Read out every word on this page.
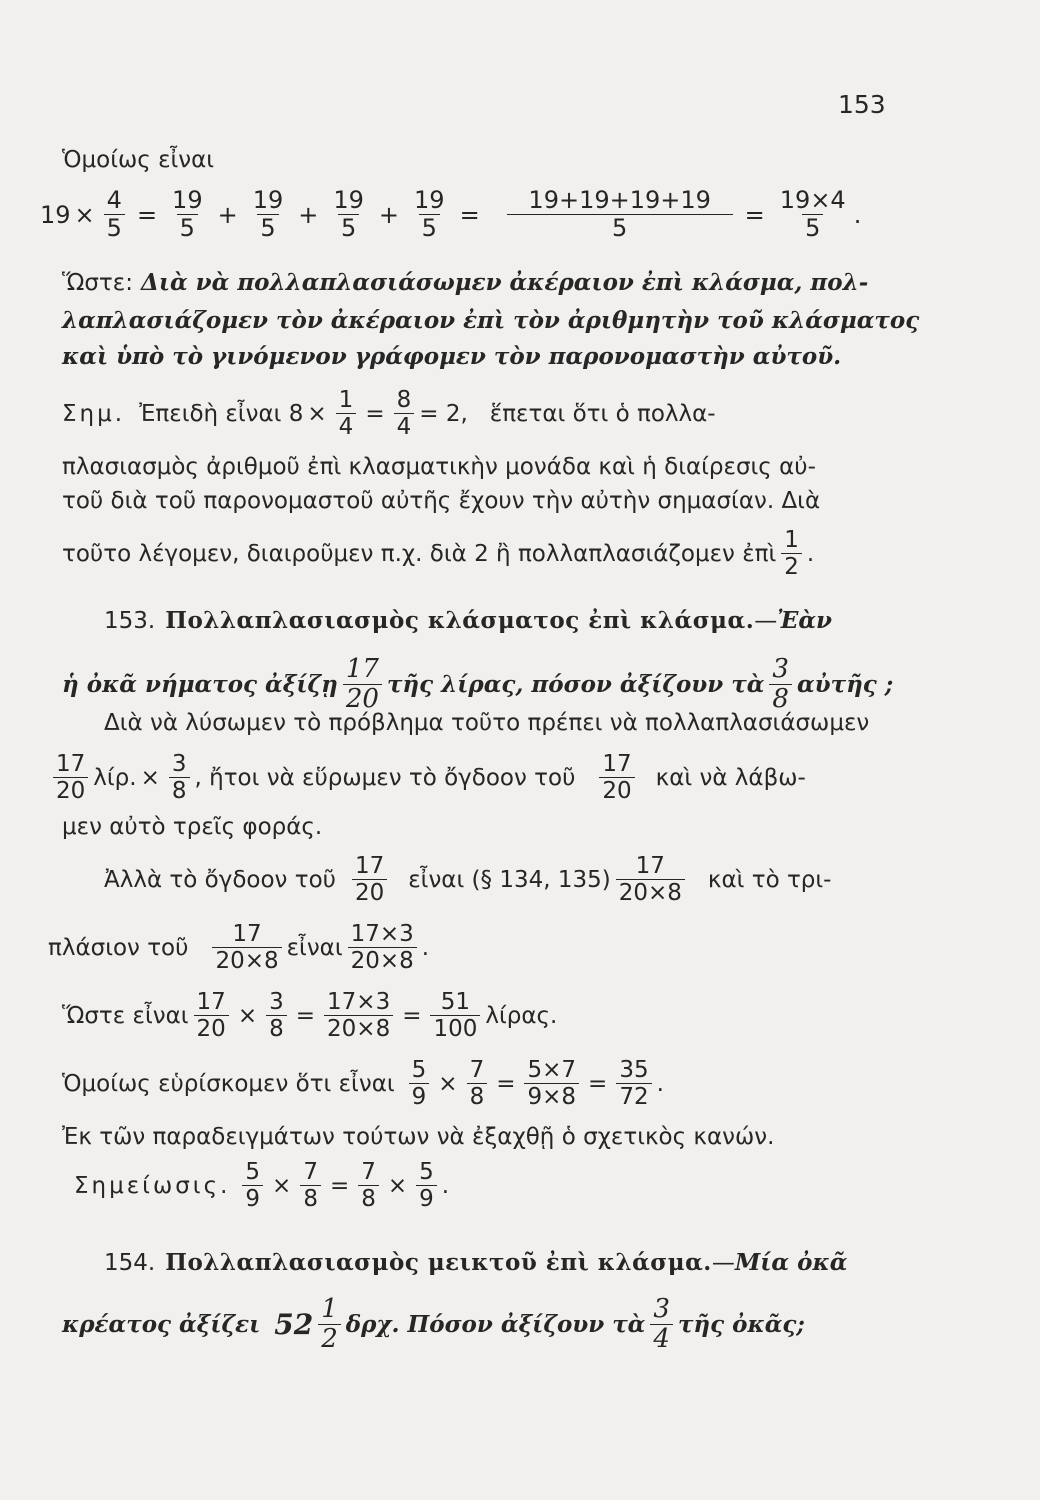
153
Ὁμοίως εἶναι
$19 \times \frac{4}{5} = \frac{19}{5} + \frac{19}{5} + \frac{19}{5} + \frac{19}{5} = \frac{19+19+19+19}{5} = \frac{19\times 4}{5}$ .
Ὥστε: Διὰ νὰ πολλαπλασιάσωμεν ἀκέραιον ἐπὶ κλάσμα, πολ-
λαπλασιάζομεν τὸν ἀκέραιον ἐπὶ τὸν ἀριθμητὴν τοῦ κλάσματος
καὶ ὑπὸ τὸ γινόμενον γράφομεν τὸν παρονομαστὴν αὐτοῦ.
Σημ. Ἐπειδὴ εἶναι $8 \times \frac{1}{4} = \frac{8}{4} = 2$, ἕπεται ὅτι ὁ πολλα-
πλασιασμὸς ἀριθμοῦ ἐπὶ κλασματικὴν μονάδα καὶ ἡ διαίρεσις αὐ-
τοῦ διὰ τοῦ παρονομαστοῦ αὐτῆς ἔχουν τὴν αὐτὴν σημασίαν. Διὰ
τοῦτο λέγομεν, διαιροῦμεν π.χ. διὰ 2 ἢ πολλαπλασιάζομεν ἐπὶ $\frac{1}{2}$ .
153. Πολλαπλασιασμὸς κλάσματος ἐπὶ κλάσμα. — Ἐὰν
ἡ ὀκᾶ νήματος ἀξίζῃ $\frac{17}{20}$ τῆς λίρας, πόσον ἀξίζουν τὰ $\frac{3}{8}$ αὐτῆς ;
Διὰ νὰ λύσωμεν τὸ πρόβλημα τοῦτο πρέπει νὰ πολλαπλασιάσωμεν
$\frac{17}{20} \lambda ί\rho$. × $\frac{3}{8}$ , ἤτοι νὰ εὕρωμεν τὸ ὄγδοον τοῦ $\frac{17}{20}$ καὶ νὰ λάβω-
μεν αὐτὸ τρεῖς φοράς.
Ἀλλὰ τὸ ὄγδοον τοῦ $\frac{17}{20}$ εἶναι (§ 134, $135) \frac{17}{20\times 8}$ καὶ τὸ τρι-
πλάσιον τοῦ $\frac{17}{20\times 8}$ εἶναι $\frac{17\times 3}{20\times 8}$ .
Ὥστε εἶναι $\frac{17}{20} \times \frac{3}{8} = \frac{17\times 3}{20\times 8} = \frac{51}{100} \lambda ί\rho\alpha\varsigma$.
Ὁμοίως εὑρίσκομεν ὅτι εἶναι $\frac{5}{9} \times \frac{7}{8} = \frac{5\times 7}{9\times 8} = \frac{35}{72}$ .
Ἐκ τῶν παραδειγμάτων τούτων νὰ ἐξαχθῇ ὁ σχετικὸς κανών.
Σημείωσις. $\frac{5}{9} \times \frac{7}{8} = \frac{7}{8} \times \frac{5}{9}$ .
154. Πολλαπλασιασμὸς μεικτοῦ ἐπὶ κλάσμα. — Μία ὀκᾶ
κρέατος ἀξίζει $52 \frac{1}{2} \delta\rho\chi$. Πόσον ἀξίζουν τὰ $\frac{3}{4}$ τῆς ὀκᾶς;
